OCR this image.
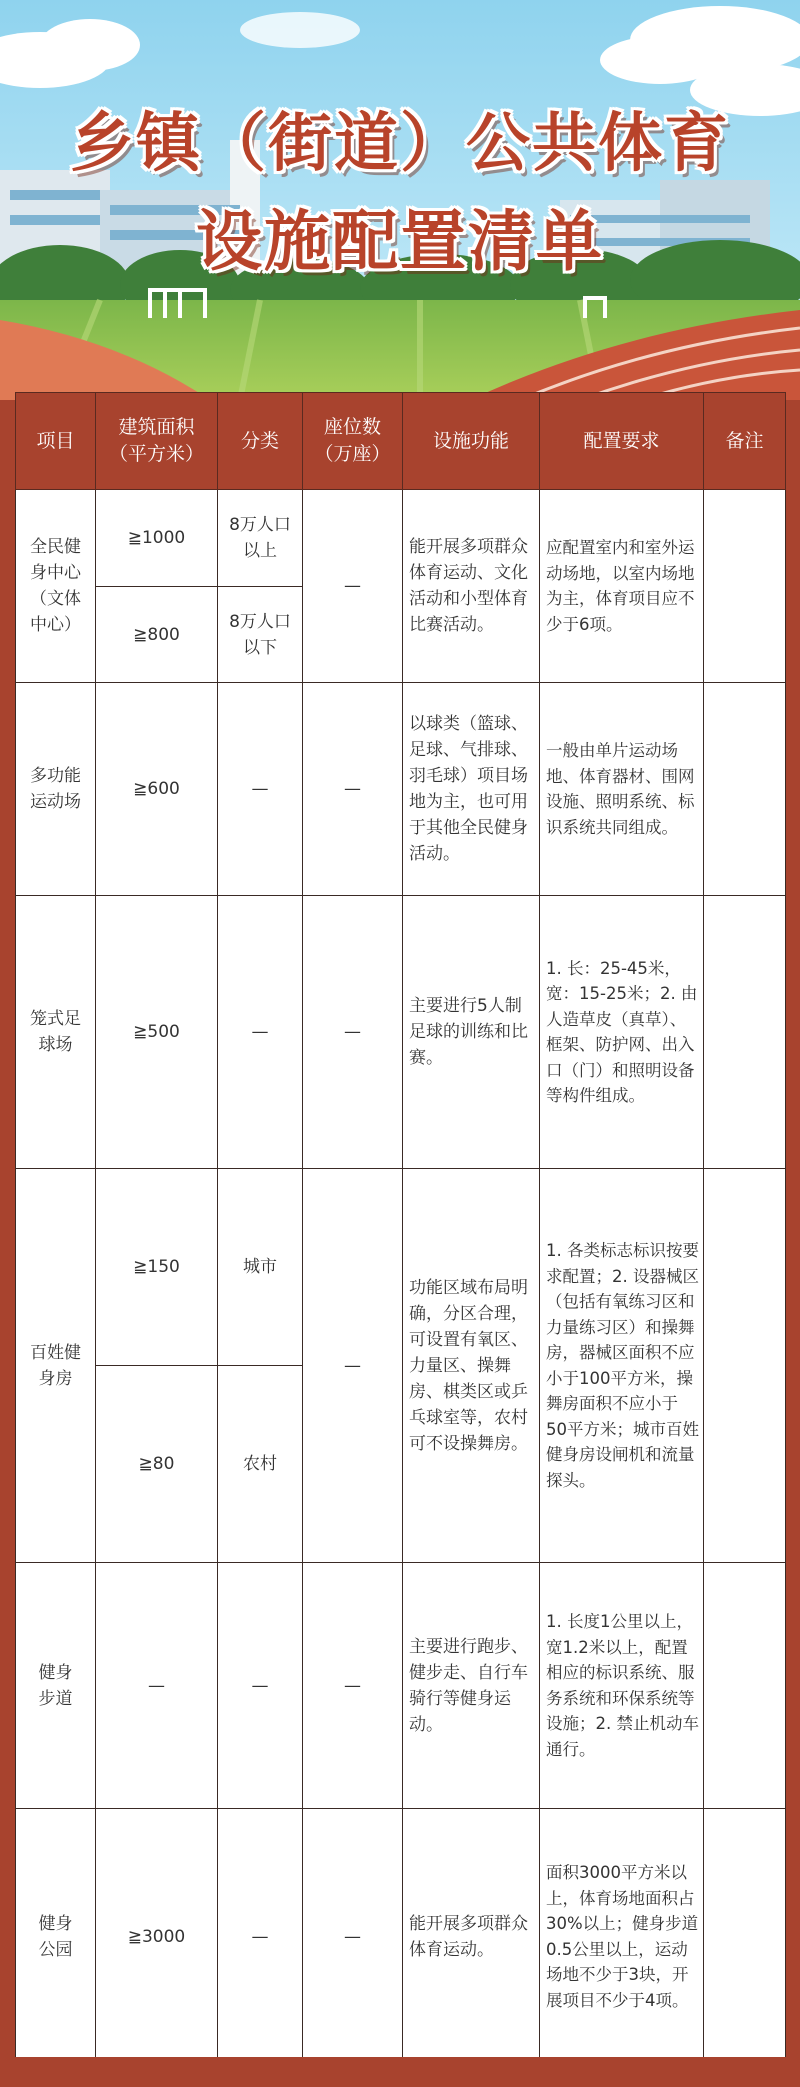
乡镇（街道）公共体育
设施配置清单
项目	建筑面积（平方米）	分类	座位数（万座）	设施功能	配置要求	备注
全民健身中心（文体中心）	≧1000	8万人口以上	—	能开展多项群众体育运动、文化活动和小型体育比赛活动。	应配置室内和室外运动场地，以室内场地为主，体育项目应不少于6项。	
	≧800	8万人口以下				
多功能运动场	≧600	—	—	以球类（篮球、足球、气排球、羽毛球）项目场地为主，也可用于其他全民健身活动。	一般由单片运动场地、体育器材、围网设施、照明系统、标识系统共同组成。	
笼式足球场	≧500	—	—	主要进行5人制足球的训练和比赛。	1. 长：25-45米，宽：15-25米；2. 由人造草皮（真草）、框架、防护网、出入口（门）和照明设备等构件组成。	
百姓健身房	≧150	城市	—	功能区域布局明确，分区合理，可设置有氧区、力量区、操舞房、棋类区或乒乓球室等，农村可不设操舞房。	1. 各类标志标识按要求配置；2. 设器械区（包括有氧练习区和力量练习区）和操舞房，器械区面积不应小于100平方米，操舞房面积不应小于 50平方米；城市百姓健身房设闸机和流量探头。	
	≧80	农村				
健身步道	—	—	—	主要进行跑步、健步走、自行车骑行等健身运动。	1. 长度1公里以上，宽1.2米以上，配置相应的标识系统、服务系统和环保系统等设施；2. 禁止机动车通行。	
健身公园	≧3000	—	—	能开展多项群众体育运动。	面积3000平方米以上，体育场地面积占 30%以上；健身步道0.5公里以上，运动场地不少于3块，开展项目不少于4项。	
